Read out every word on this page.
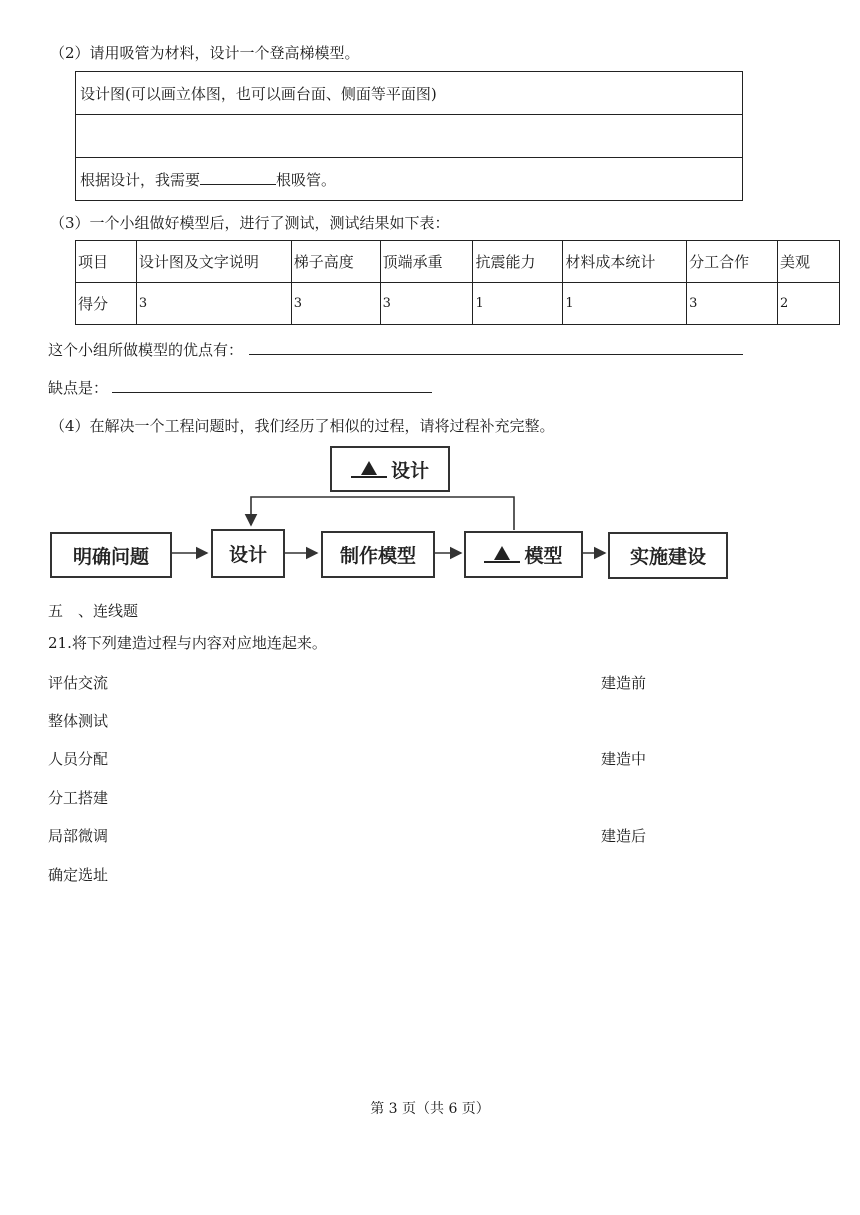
（2）请用吸管为材料，设计一个登高梯模型。
设计图(可以画立体图，也可以画台面、侧面等平面图)

根据设计，我需要	根吸管。
（3）一个小组做好模型后，进行了测试，测试结果如下表：
项目	设计图及文字说明	梯子高度	顶端承重	抗震能力	材料成本统计	分工合作	美观
得分	3	3	3	1	1	3	2
这个小组所做模型的优点有：
缺点是：
（4）在解决一个工程问题时，我们经历了相似的过程，请将过程补充完整。
设计
明确问题	设计	制作模型	模型	实施建设
五　、连线题
21.将下列建造过程与内容对应地连起来。
评估交流
整体测试
人员分配
分工搭建
局部微调
确定选址
建造前
建造中
建造后
第 3 页（共 6 页）
